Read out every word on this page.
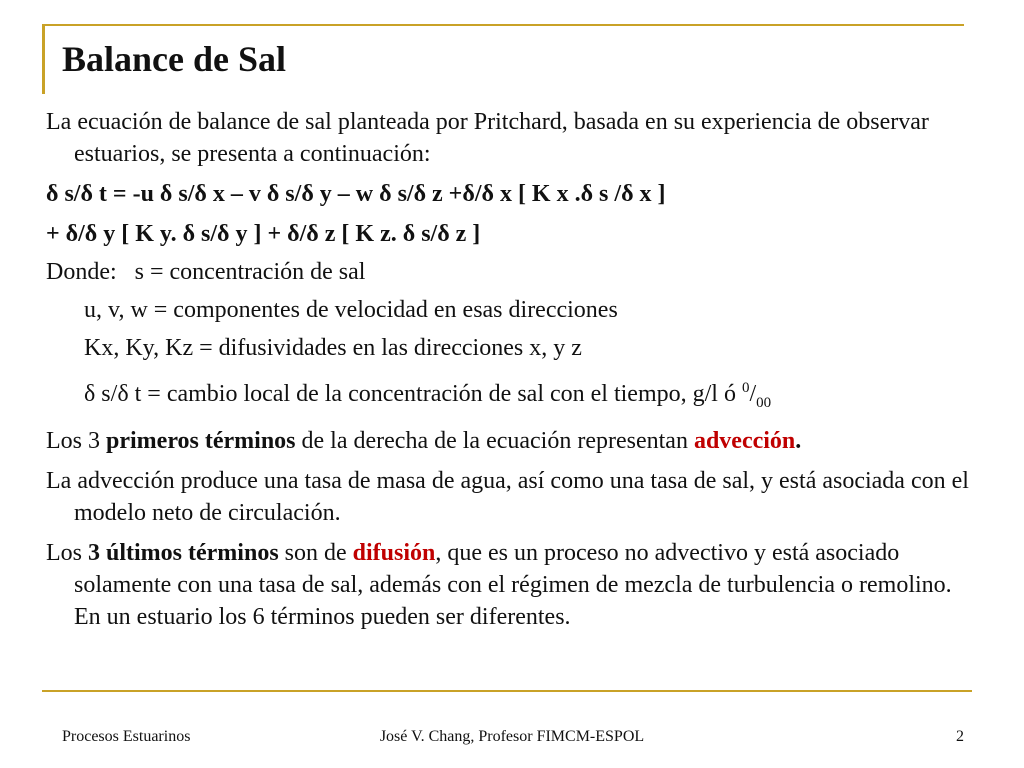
Balance de Sal
La ecuación de balance de sal planteada por Pritchard, basada en su experiencia de observar estuarios, se presenta a continuación:
δ s/δ t = -u δ s/δ x – v δ s/δ y – w δ s/δ z +δ/δ x [ K x .δ s /δ x ]
+ δ/δ y [ K y. δ s/δ y ] + δ/δ z [ K z. δ s/δ z ]
Donde: s = concentración de sal
u, v, w = componentes de velocidad en esas direcciones
Kx, Ky, Kz = difusividades en las direcciones x, y z
δ s/δ t = cambio local de la concentración de sal con el tiempo, g/l ó $^0/_{00}$
Los 3 primeros términos de la derecha de la ecuación representan advección.
La advección produce una tasa de masa de agua, así como una tasa de sal, y está asociada con el modelo neto de circulación.
Los 3 últimos términos son de difusión, que es un proceso no advectivo y está asociado solamente con una tasa de sal, además con el régimen de mezcla de turbulencia o remolino. En un estuario los 6 términos pueden ser diferentes.
José V. Chang, Profesor FIMCM-ESPOL
Procesos Estuarinos	2
